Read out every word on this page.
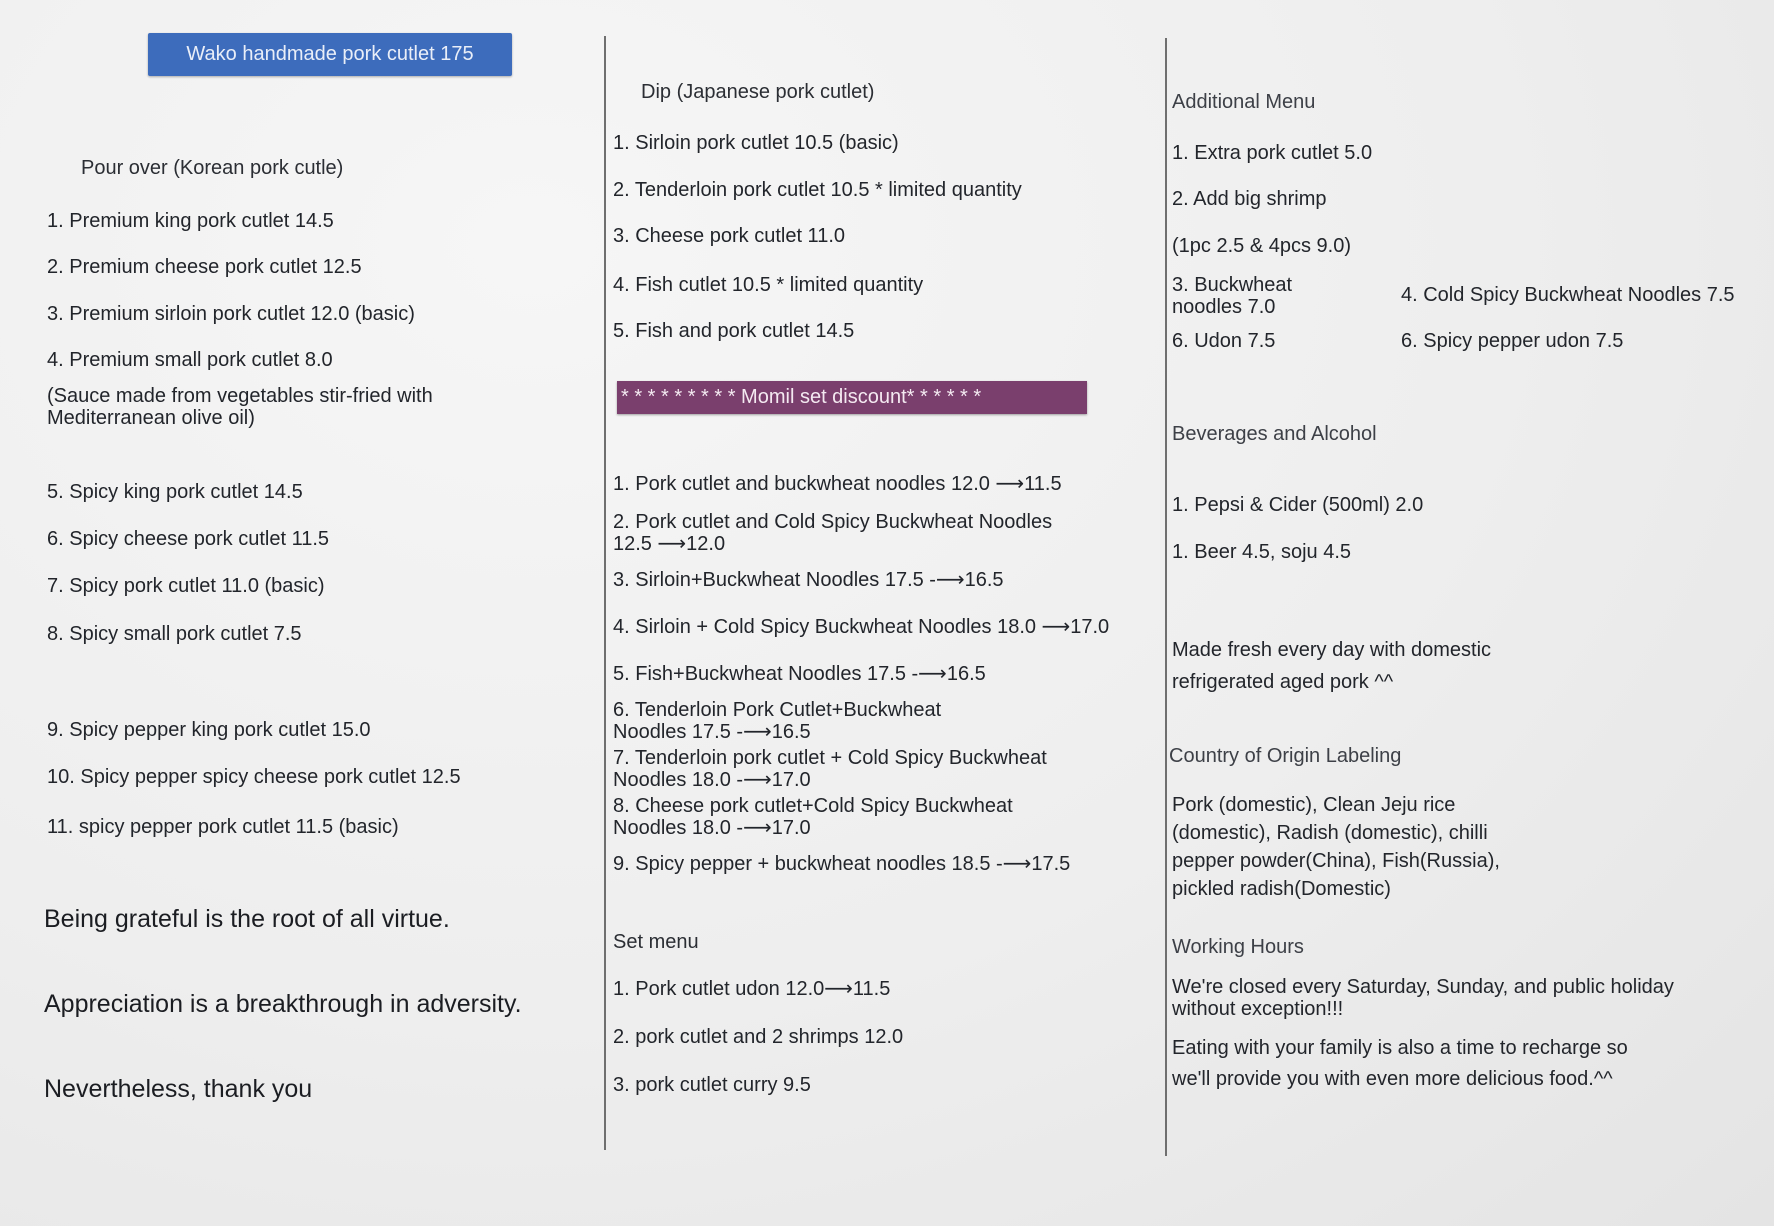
Wako handmade pork cutlet 175
Pour over (Korean pork cutle)
1. Premium king pork cutlet 14.5
2. Premium cheese pork cutlet 12.5
3. Premium sirloin pork cutlet 12.0 (basic)
4. Premium small pork cutlet 8.0
(Sauce made from vegetables stir-fried with
Mediterranean olive oil)
5. Spicy king pork cutlet 14.5
6. Spicy cheese pork cutlet 11.5
7. Spicy pork cutlet 11.0 (basic)
8. Spicy small pork cutlet 7.5
9. Spicy pepper king pork cutlet 15.0
10. Spicy pepper spicy cheese pork cutlet 12.5
11. spicy pepper pork cutlet 11.5 (basic)
Being grateful is the root of all virtue.
Appreciation is a breakthrough in adversity.
Nevertheless, thank you
Dip (Japanese pork cutlet)
1. Sirloin pork cutlet 10.5 (basic)
2. Tenderloin pork cutlet 10.5 * limited quantity
3. Cheese pork cutlet 11.0
4. Fish cutlet 10.5 * limited quantity
5. Fish and pork cutlet 14.5
* * * * * * * * * Momil set discount* * * * * *
1. Pork cutlet and buckwheat noodles 12.0 ⟶11.5
2. Pork cutlet and Cold Spicy Buckwheat Noodles
12.5 ⟶12.0
3. Sirloin+Buckwheat Noodles 17.5 -⟶16.5
4. Sirloin + Cold Spicy Buckwheat Noodles 18.0 ⟶17.0
5. Fish+Buckwheat Noodles 17.5 -⟶16.5
6. Tenderloin Pork Cutlet+Buckwheat
Noodles 17.5 -⟶16.5
7. Tenderloin pork cutlet + Cold Spicy Buckwheat
Noodles 18.0 -⟶17.0
8. Cheese pork cutlet+Cold Spicy Buckwheat
Noodles 18.0 -⟶17.0
9. Spicy pepper + buckwheat noodles 18.5 -⟶17.5
Set menu
1. Pork cutlet udon 12.0⟶11.5
2. pork cutlet and 2 shrimps 12.0
3. pork cutlet curry 9.5
Additional Menu
1. Extra pork cutlet 5.0
2. Add big shrimp
(1pc 2.5 & 4pcs 9.0)
3. Buckwheat
noodles 7.0
4. Cold Spicy Buckwheat Noodles 7.5
6. Udon 7.5	6. Spicy pepper udon 7.5
Beverages and Alcohol
1. Pepsi & Cider (500ml) 2.0
1. Beer 4.5, soju 4.5
Made fresh every day with domestic
refrigerated aged pork ^^
Country of Origin Labeling
Pork (domestic), Clean Jeju rice
(domestic), Radish (domestic), chilli
pepper powder(China), Fish(Russia),
pickled radish(Domestic)
Working Hours
We're closed every Saturday, Sunday, and public holiday
without exception!!!
Eating with your family is also a time to recharge so
we'll provide you with even more delicious food.^^
